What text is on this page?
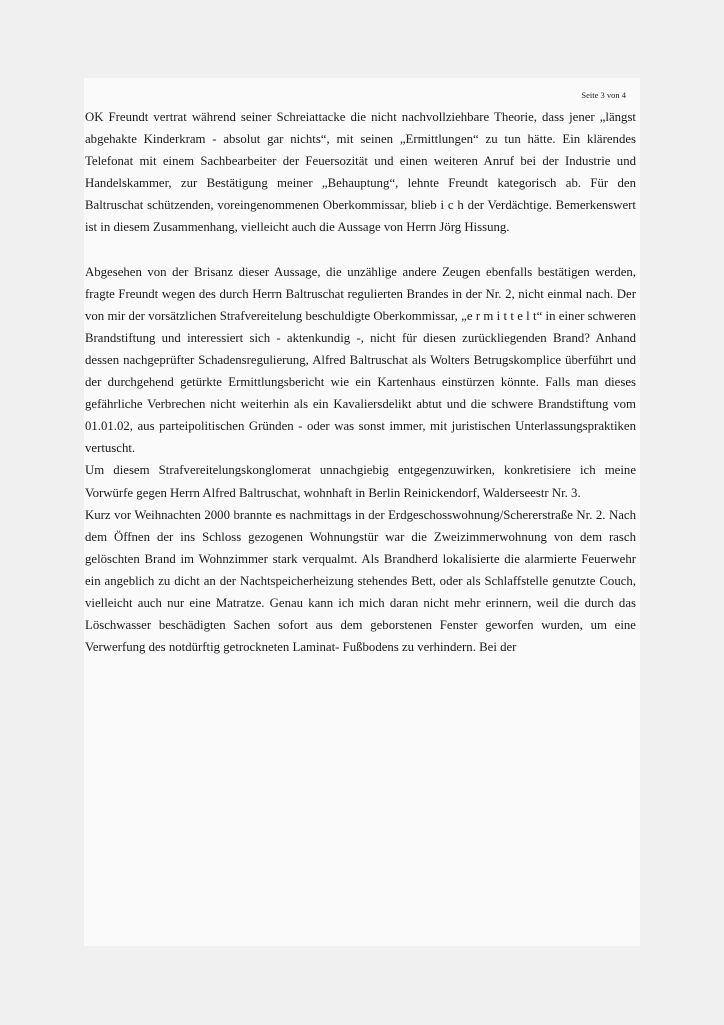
Seite 3 von 4

OK Freundt vertrat während seiner Schreiattacke die nicht nachvollziehbare Theorie, dass jener „längst abgehakte Kinderkram - absolut gar nichts“, mit seinen „Ermittlungen“ zu tun hätte. Ein klärendes Telefonat mit einem Sachbearbeiter der Feuersozität und einen weiteren Anruf bei der Industrie und Handelskammer, zur Bestätigung meiner „Behauptung“, lehnte Freundt kategorisch ab. Für den Baltruschat schützenden, voreingenommenen Oberkommissar, blieb i c h der Verdächtige. Bemerkenswert ist in diesem Zusammenhang, vielleicht auch die Aussage von Herrn Jörg Hissung.

Abgesehen von der Brisanz dieser Aussage, die unzählige andere Zeugen ebenfalls bestätigen werden, fragte Freundt wegen des durch Herrn Baltruschat regulierten Brandes in der Nr. 2, nicht einmal nach. Der von mir der vorsätzlichen Strafvereitelung beschuldigte Oberkommissar, „e r m i t t e l t“ in einer schweren Brandstiftung und interessiert sich - aktenkundig -, nicht für diesen zurückliegenden Brand? Anhand dessen nachgeprüfter Schadensregulierung, Alfred Baltruschat als Wolters Betrugskomplice überführt und der durchgehend getürkte Ermittlungsbericht wie ein Kartenhaus einstürzen könnte. Falls man dieses gefährliche Verbrechen nicht weiterhin als ein Kavaliersdelikt abtut und die schwere Brandstiftung vom 01.01.02, aus parteipolitischen Gründen - oder was sonst immer, mit juristischen Unterlassungspraktiken vertuscht.

Um diesem Strafvereitelungskonglomerat unnachgiebig entgegenzuwirken, konkretisiere ich meine Vorwürfe gegen Herrn Alfred Baltruschat, wohnhaft in Berlin Reinickendorf, Walderseestr Nr. 3.

Kurz vor Weihnachten 2000 brannte es nachmittags in der Erdgeschosswohnung/Schererstraße Nr. 2. Nach dem Öffnen der ins Schloss gezogenen Wohnungstür war die Zweizimmerwohnung von dem rasch gelöschten Brand im Wohnzimmer stark verqualmt. Als Brandherd lokalisierte die alarmierte Feuerwehr ein angeblich zu dicht an der Nachtspeicherheizung stehendes Bett, oder als Schlaffstelle genutzte Couch, vielleicht auch nur eine Matratze. Genau kann ich mich daran nicht mehr erinnern, weil die durch das Löschwasser beschädigten Sachen sofort aus dem geborstenen Fenster geworfen wurden, um eine Verwerfung des notdürftig getrockneten Laminat- Fußbodens zu verhindern. Bei der
